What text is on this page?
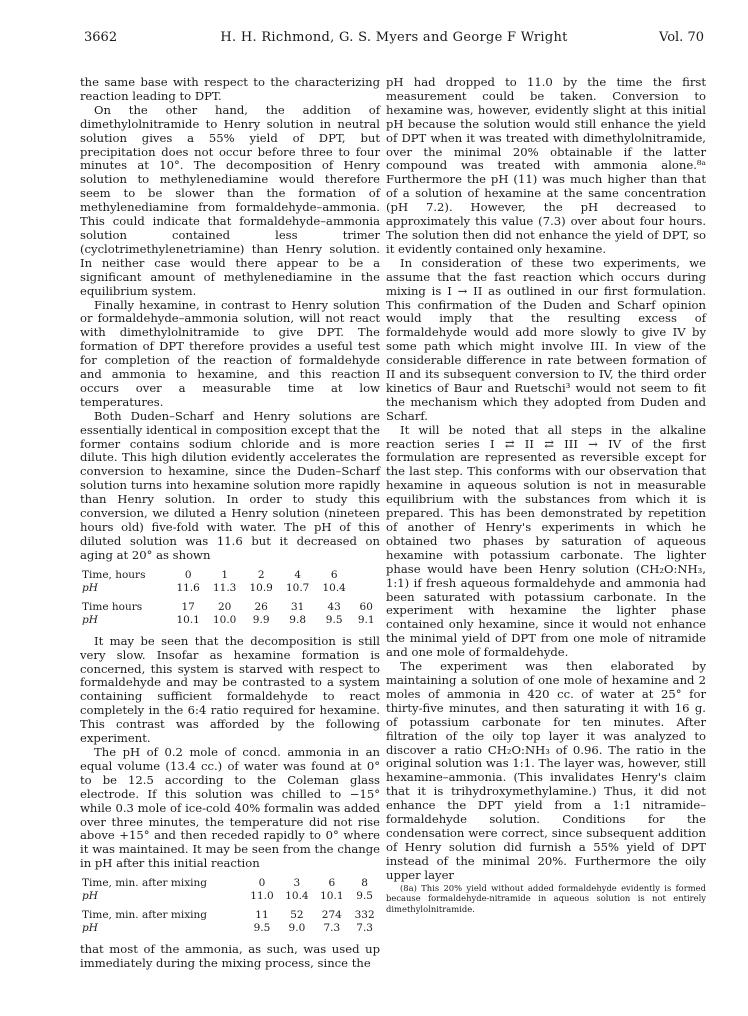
3662	H. H. Richmond, G. S. Myers and George F Wright	Vol. 70

the same base with respect to the characterizing reaction leading to DPT.

On the other hand, the addition of dimethylolnitramide to Henry solution in neutral solution gives a 55% yield of DPT, but precipitation does not occur before three to four minutes at 10°. The decomposition of Henry solution to methylenediamine would therefore seem to be slower than the formation of methylenediamine from formaldehyde–ammonia. This could indicate that formaldehyde–ammonia solution contained less trimer (cyclotrimethylenetriamine) than Henry solution. In neither case would there appear to be a significant amount of methylenediamine in the equilibrium system.

Finally hexamine, in contrast to Henry solution or formaldehyde–ammonia solution, will not react with dimethylolnitramide to give DPT. The formation of DPT therefore provides a useful test for completion of the reaction of formaldehyde and ammonia to hexamine, and this reaction occurs over a measurable time at low temperatures.

Both Duden–Scharf and Henry solutions are essentially identical in composition except that the former contains sodium chloride and is more dilute. This high dilution evidently accelerates the conversion to hexamine, since the Duden–Scharf solution turns into hexamine solution more rapidly than Henry solution. In order to study this conversion, we diluted a Henry solution (nineteen hours old) five-fold with water. The pH of this diluted solution was 11.6 but it decreased on aging at 20° as shown

Time, hours	0	1	2	4	6	
pH	11.6	11.3	10.9	10.7	10.4	
Time hours	17	20	26	31	43	60
pH	10.1	10.0	9.9	9.8	9.5	9.1

It may be seen that the decomposition is still very slow. Insofar as hexamine formation is concerned, this system is starved with respect to formaldehyde and may be contrasted to a system containing sufficient formaldehyde to react completely in the 6:4 ratio required for hexamine. This contrast was afforded by the following experiment.

The pH of 0.2 mole of concd. ammonia in an equal volume (13.4 cc.) of water was found at 0° to be 12.5 according to the Coleman glass electrode. If this solution was chilled to −15° while 0.3 mole of ice-cold 40% formalin was added over three minutes, the temperature did not rise above +15° and then receded rapidly to 0° where it was maintained. It may be seen from the change in pH after this initial reaction

Time, min. after mixing	0	3	6	8
pH	11.0	10.4	10.1	9.5
Time, min. after mixing	11	52	274	332
pH	9.5	9.0	7.3	7.3

that most of the ammonia, as such, was used up immediately during the mixing process, since the

pH had dropped to 11.0 by the time the first measurement could be taken. Conversion to hexamine was, however, evidently slight at this initial pH because the solution would still enhance the yield of DPT when it was treated with dimethylolnitramide, over the minimal 20% obtainable if the latter compound was treated with ammonia alone.⁸ᵃ Furthermore the pH (11) was much higher than that of a solution of hexamine at the same concentration (pH 7.2). However, the pH decreased to approximately this value (7.3) over about four hours. The solution then did not enhance the yield of DPT, so it evidently contained only hexamine.

In consideration of these two experiments, we assume that the fast reaction which occurs during mixing is I → II as outlined in our first formulation. This confirmation of the Duden and Scharf opinion would imply that the resulting excess of formaldehyde would add more slowly to give IV by some path which might involve III. In view of the considerable difference in rate between formation of II and its subsequent conversion to IV, the third order kinetics of Baur and Ruetschi³ would not seem to fit the mechanism which they adopted from Duden and Scharf.

It will be noted that all steps in the alkaline reaction series I ⇄ II ⇄ III → IV of the first formulation are represented as reversible except for the last step. This conforms with our observation that hexamine in aqueous solution is not in measurable equilibrium with the substances from which it is prepared. This has been demonstrated by repetition of another of Henry's experiments in which he obtained two phases by saturation of aqueous hexamine with potassium carbonate. The lighter phase would have been Henry solution (CH₂O:NH₃, 1:1) if fresh aqueous formaldehyde and ammonia had been saturated with potassium carbonate. In the experiment with hexamine the lighter phase contained only hexamine, since it would not enhance the minimal yield of DPT from one mole of nitramide and one mole of formaldehyde.

The experiment was then elaborated by maintaining a solution of one mole of hexamine and 2 moles of ammonia in 420 cc. of water at 25° for thirty-five minutes, and then saturating it with 16 g. of potassium carbonate for ten minutes. After filtration of the oily top layer it was analyzed to discover a ratio CH₂O:NH₃ of 0.96. The ratio in the original solution was 1:1. The layer was, however, still hexamine–ammonia. (This invalidates Henry's claim that it is trihydroxymethylamine.) Thus, it did not enhance the DPT yield from a 1:1 nitramide–formaldehyde solution. Conditions for the condensation were correct, since subsequent addition of Henry solution did furnish a 55% yield of DPT instead of the minimal 20%. Furthermore the oily upper layer

(8a) This 20% yield without added formaldehyde evidently is formed because formaldehyde-nitramide in aqueous solution is not entirely dimethylolnitramide.
